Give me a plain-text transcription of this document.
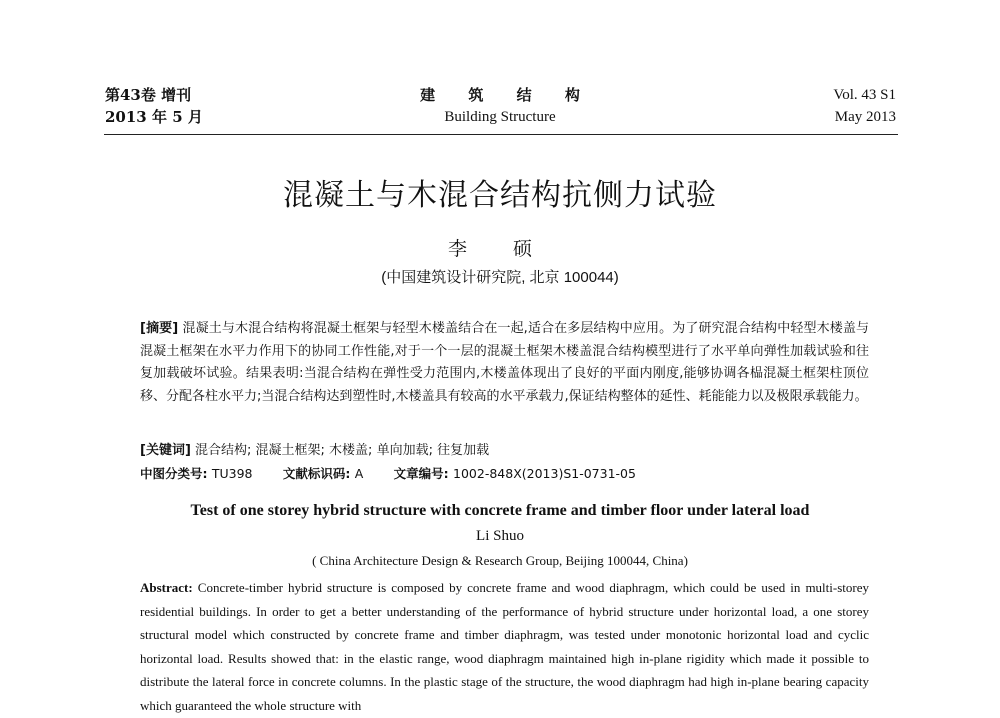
第43卷 增刊
2013 年 5 月
建 筑 结 构
Building Structure
Vol. 43 S1
May 2013
混凝土与木混合结构抗侧力试验
李 硕
(中国建筑设计研究院, 北京 100044)
[摘要] 混凝土与木混合结构将混凝土框架与轻型木楼盖结合在一起,适合在多层结构中应用。为了研究混合结构中轻型木楼盖与混凝土框架在水平力作用下的协同工作性能,对于一个一层的混凝土框架木楼盖混合结构模型进行了水平单向弹性加载试验和往复加载破坏试验。结果表明:当混合结构在弹性受力范围内,木楼盖体现出了良好的平面内刚度,能够协调各榀混凝土框架柱顶位移、分配各柱水平力;当混合结构达到塑性时,木楼盖具有较高的水平承载力,保证结构整体的延性、耗能能力以及极限承载能力。
[关键词] 混合结构; 混凝土框架; 木楼盖; 单向加载; 往复加载
中图分类号: TU398 文献标识码: A 文章编号: 1002-848X(2013)S1-0731-05
Test of one storey hybrid structure with concrete frame and timber floor under lateral load
Li Shuo
( China Architecture Design & Research Group, Beijing 100044, China)
Abstract: Concrete-timber hybrid structure is composed by concrete frame and wood diaphragm, which could be used in multi-storey residential buildings. In order to get a better understanding of the performance of hybrid structure under horizontal load, a one storey structural model which constructed by concrete frame and timber diaphragm, was tested under monotonic horizontal load and cyclic horizontal load. Results showed that: in the elastic range, wood diaphragm maintained high in-plane rigidity which made it possible to distribute the lateral force in concrete columns. In the plastic stage of the structure, the wood diaphragm had high in-plane bearing capacity which guaranteed the whole structure with
